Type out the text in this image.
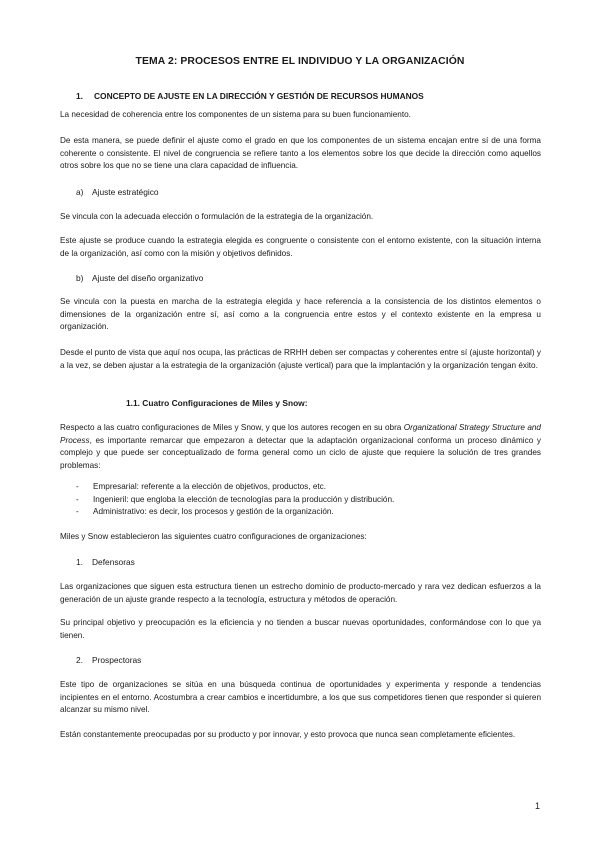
TEMA 2: PROCESOS ENTRE EL INDIVIDUO Y LA ORGANIZACIÓN
1. CONCEPTO DE AJUSTE EN LA DIRECCIÓN Y GESTIÓN DE RECURSOS HUMANOS

La necesidad de coherencia entre los componentes de un sistema para su buen funcionamiento.

De esta manera, se puede definir el ajuste como el grado en que los componentes de un sistema encajan entre sí de una forma coherente o consistente. El nivel de congruencia se refiere tanto a los elementos sobre los que decide la dirección como aquellos otros sobre los que no se tiene una clara capacidad de influencia.

a) Ajuste estratégico

Se vincula con la adecuada elección o formulación de la estrategia de la organización.

Este ajuste se produce cuando la estrategia elegida es congruente o consistente con el entorno existente, con la situación interna de la organización, así como con la misión y objetivos definidos.

b) Ajuste del diseño organizativo

Se vincula con la puesta en marcha de la estrategia elegida y hace referencia a la consistencia de los distintos elementos o dimensiones de la organización entre sí, así como a la congruencia entre estos y el contexto existente en la empresa u organización.

Desde el punto de vista que aquí nos ocupa, las prácticas de RRHH deben ser compactas y coherentes entre sí (ajuste horizontal) y a la vez, se deben ajustar a la estrategia de la organización (ajuste vertical) para que la implantación y la organización tengan éxito.

1.1. Cuatro Configuraciones de Miles y Snow:

Respecto a las cuatro configuraciones de Miles y Snow, y que los autores recogen en su obra Organizational Strategy Structure and Process, es importante remarcar que empezaron a detectar que la adaptación organizacional conforma un proceso dinámico y complejo y que puede ser conceptualizado de forma general como un ciclo de ajuste que requiere la solución de tres grandes problemas:

- Empresarial: referente a la elección de objetivos, productos, etc.
- Ingenieril: que engloba la elección de tecnologías para la producción y distribución.
- Administrativo: es decir, los procesos y gestión de la organización.

Miles y Snow establecieron las siguientes cuatro configuraciones de organizaciones:

1. Defensoras

Las organizaciones que siguen esta estructura tienen un estrecho dominio de producto-mercado y rara vez dedican esfuerzos a la generación de un ajuste grande respecto a la tecnología, estructura y métodos de operación.

Su principal objetivo y preocupación es la eficiencia y no tienden a buscar nuevas oportunidades, conformándose con lo que ya tienen.

2. Prospectoras

Este tipo de organizaciones se sitúa en una búsqueda continua de oportunidades y experimenta y responde a tendencias incipientes en el entorno. Acostumbra a crear cambios e incertidumbre, a los que sus competidores tienen que responder si quieren alcanzar su mismo nivel.

Están constantemente preocupadas por su producto y por innovar, y esto provoca que nunca sean completamente eficientes.

1
